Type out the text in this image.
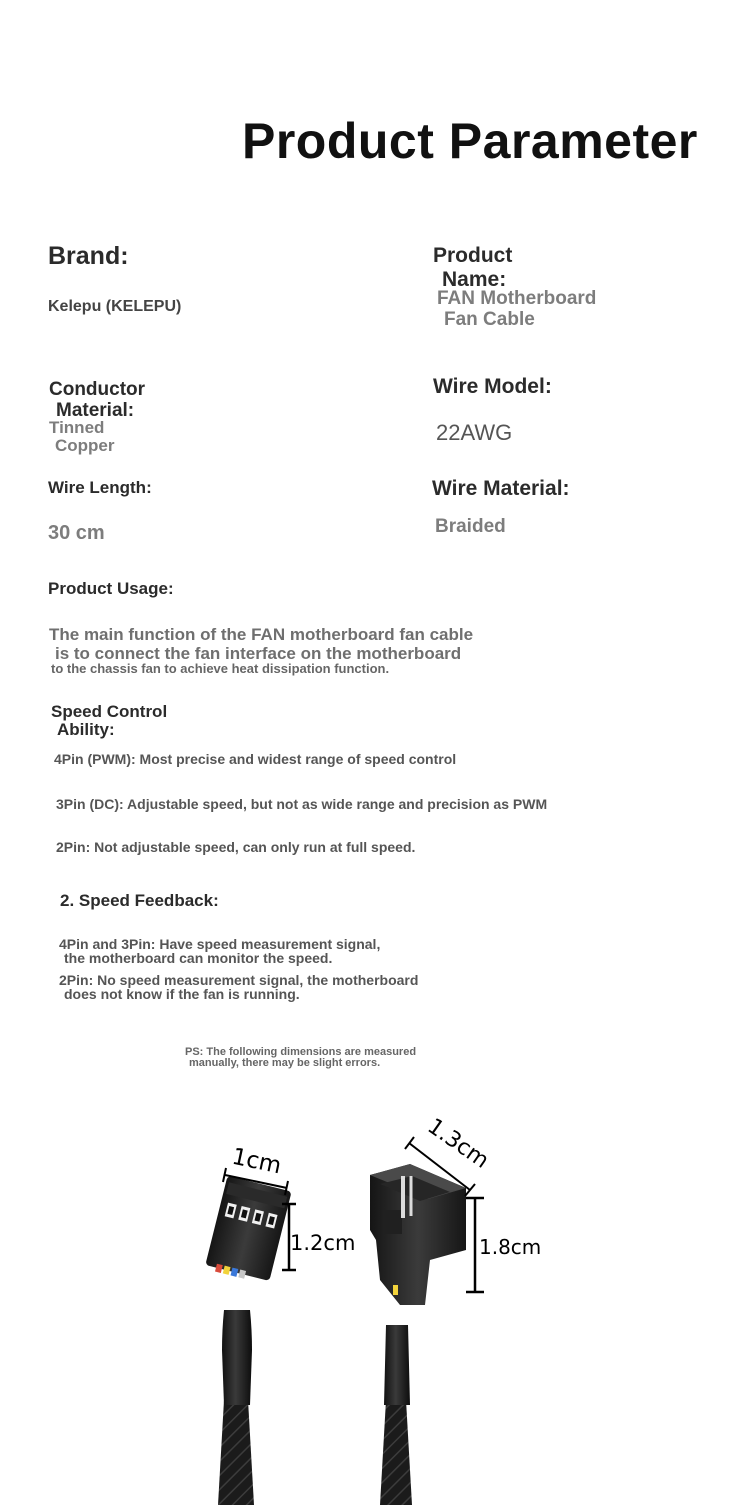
Product Parameter
Brand:
Kelepu (KELEPU)
Product
Name:
FAN Motherboard
Fan Cable
Conductor
Material:
Tinned
Copper
Wire Model:
22AWG
Wire Length:
30 cm
Wire Material:
Braided
Product Usage:
The main function of the FAN motherboard fan cable
is to connect the fan interface on the motherboard
to the chassis fan to achieve heat dissipation function.
Speed Control
Ability:
4Pin (PWM): Most precise and widest range of speed control
3Pin (DC): Adjustable speed, but not as wide range and precision as PWM
2Pin: Not adjustable speed, can only run at full speed.
2. Speed Feedback:
4Pin and 3Pin: Have speed measurement signal,
the motherboard can monitor the speed.
2Pin: No speed measurement signal, the motherboard
does not know if the fan is running.
PS: The following dimensions are measured
manually, there may be slight errors.
1cm
1.2cm
1.3cm
1.8cm
